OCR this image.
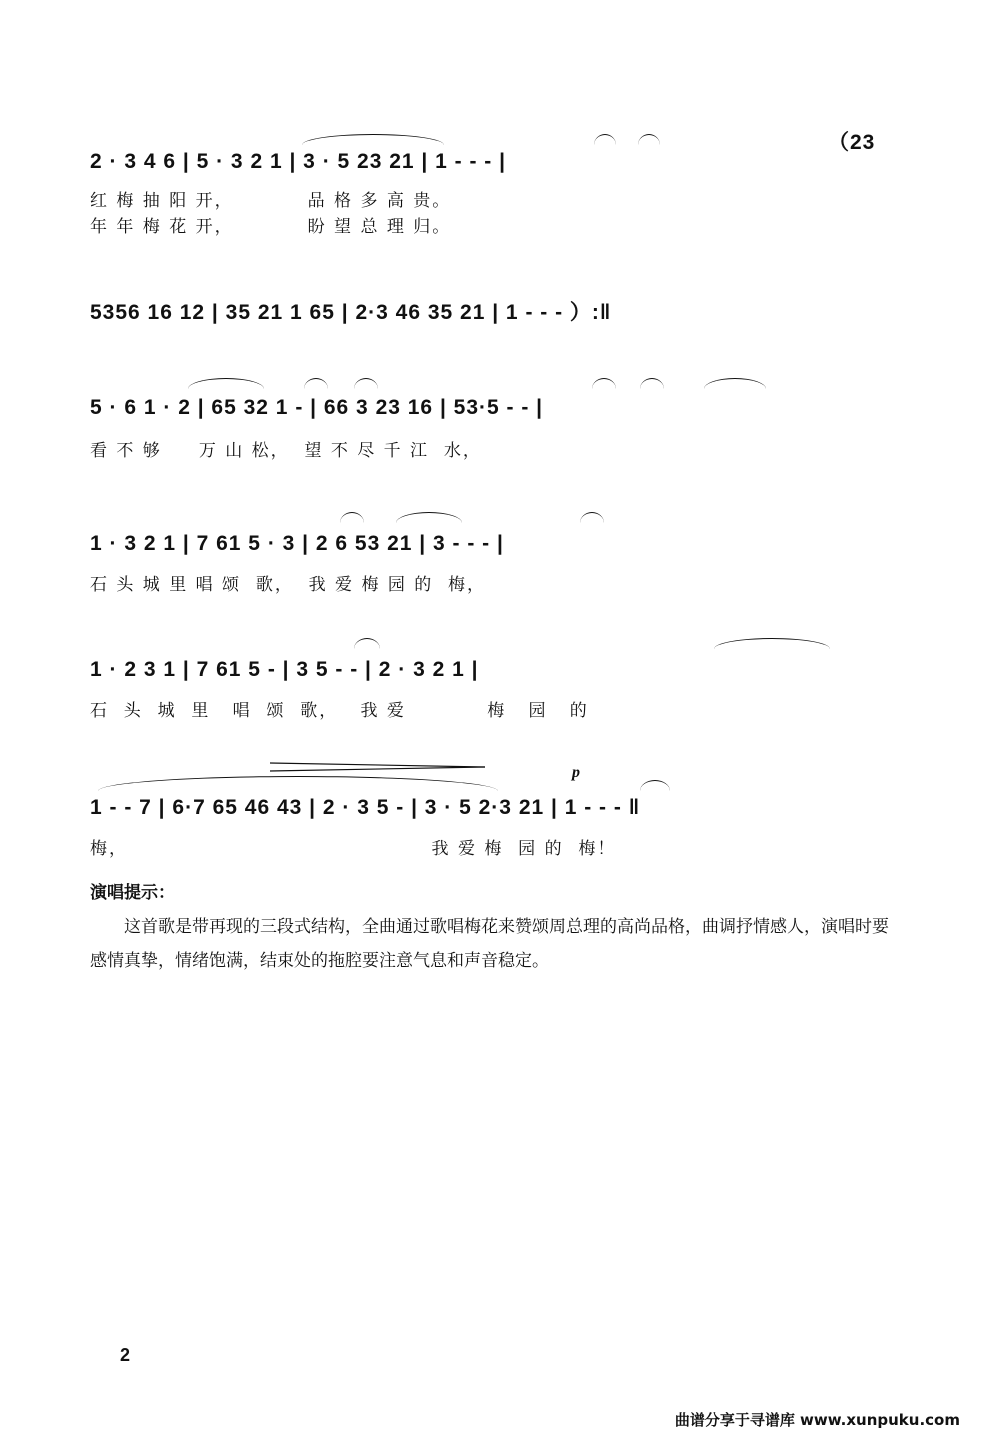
2 · 3 4 6 | 5 · 3 2 1 | 3 · 5 23 21 | 1 - - - |
（23
红 梅 抽 阳 开，          品 格 多 高 贵。
年 年 梅 花 开，          盼 望 总 理 归。
5356 16 12 | 35 21 1 65 | 2·3 46 35 21 | 1 - - - ）:‖
5 · 6 1 · 2 | 65 32 1 - | 66 3 23 16 | 53·5 - - |
看 不 够     万 山 松，  望 不 尽 千 江  水，
1 · 3 2 1 | 7 61 5 · 3 | 2 6 53 21 | 3 - - - |
石 头 城 里 唱 颂  歌，  我 爱 梅 园 的  梅，
1 · 2 3 1 | 7 61 5 - | 3 5 - - | 2 · 3 2 1 |
石  头  城  里   唱  颂  歌，   我 爱           梅   园   的
p
1 - - 7 | 6·7 65 46 43 | 2 · 3 5 - | 3 · 5 2·3 21 | 1 - - - ‖
梅，                                         我 爱 梅  园 的  梅！
演唱提示：
这首歌是带再现的三段式结构，全曲通过歌唱梅花来赞颂周总理的高尚品格，曲调抒情感人，演唱时要感情真挚，情绪饱满，结束处的拖腔要注意气息和声音稳定。
2
曲谱分享于寻谱库 www.xunpuku.com
